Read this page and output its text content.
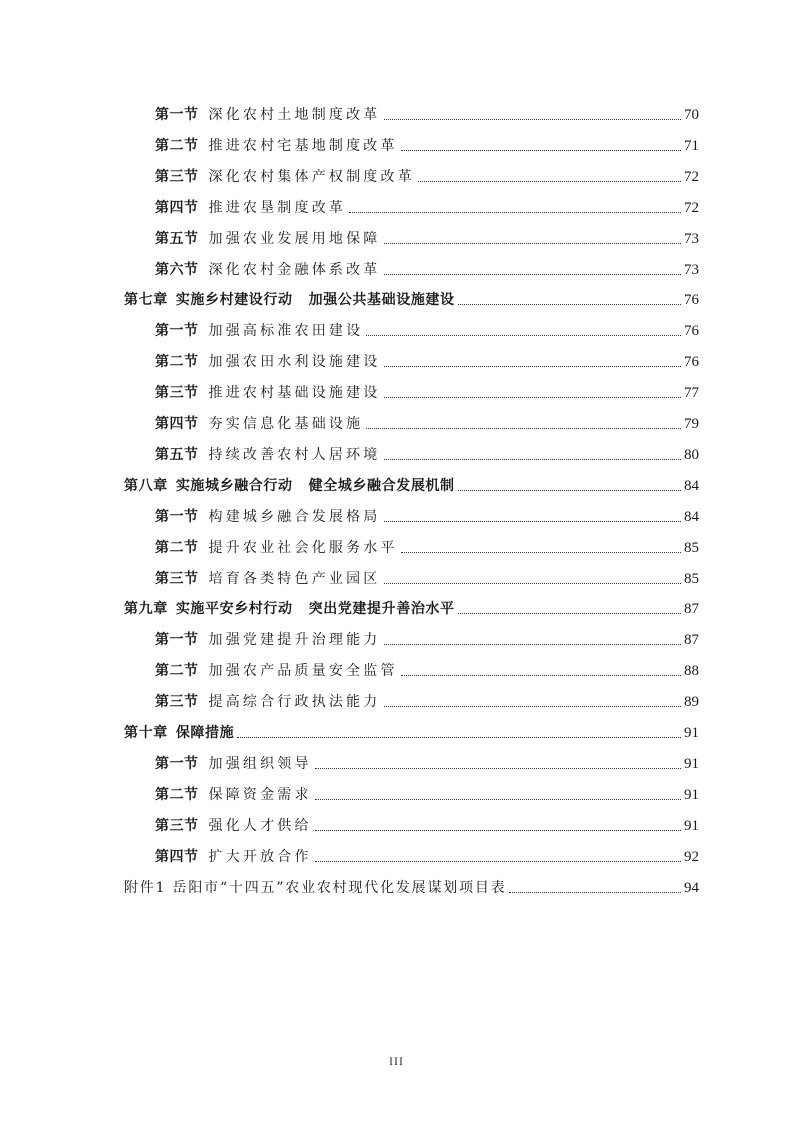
第一节 深化农村土地制度改革	70
第二节 推进农村宅基地制度改革	71
第三节 深化农村集体产权制度改革	72
第四节 推进农垦制度改革	72
第五节 加强农业发展用地保障	73
第六节 深化农村金融体系改革	73
第七章 实施乡村建设行动 加强公共基础设施建设	76
第一节 加强高标准农田建设	76
第二节 加强农田水利设施建设	76
第三节 推进农村基础设施建设	77
第四节 夯实信息化基础设施	79
第五节 持续改善农村人居环境	80
第八章 实施城乡融合行动 健全城乡融合发展机制	84
第一节 构建城乡融合发展格局	84
第二节 提升农业社会化服务水平	85
第三节 培育各类特色产业园区	85
第九章 实施平安乡村行动 突出党建提升善治水平	87
第一节 加强党建提升治理能力	87
第二节 加强农产品质量安全监管	88
第三节 提高综合行政执法能力	89
第十章 保障措施	91
第一节 加强组织领导	91
第二节 保障资金需求	91
第三节 强化人才供给	91
第四节 扩大开放合作	92
附件1 岳阳市“十四五”农业农村现代化发展谋划项目表	94
III
